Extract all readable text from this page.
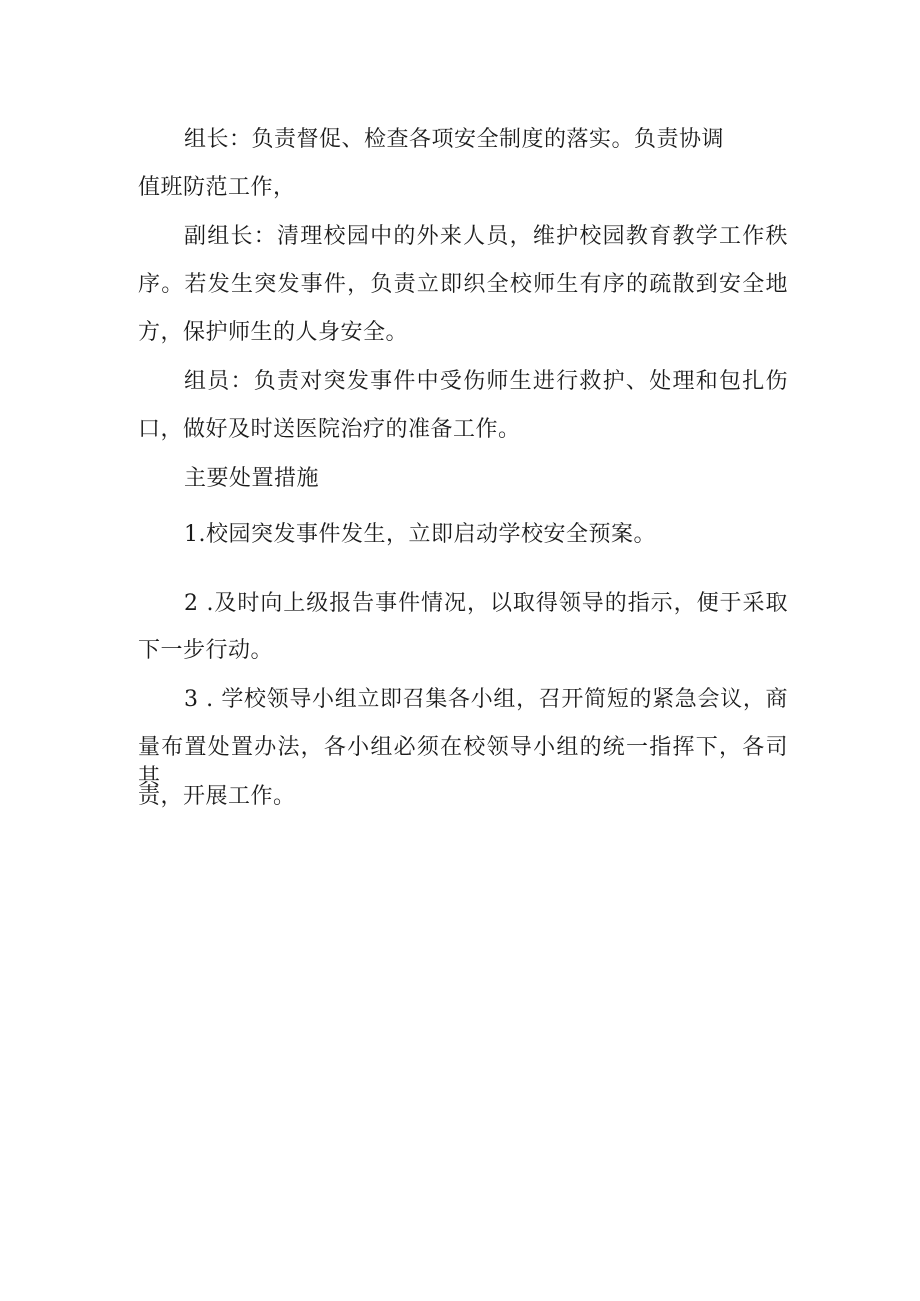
组长：负责督促、检查各项安全制度的落实。负责协调
值班防范工作，
副组长：清理校园中的外来人员，维护校园教育教学工作秩
序。若发生突发事件，负责立即织全校师生有序的疏散到安全地
方，保护师生的人身安全。
组员：负责对突发事件中受伤师生进行救护、处理和包扎伤
口，做好及时送医院治疗的准备工作。
主要处置措施
1.校园突发事件发生，立即启动学校安全预案。
2 .及时向上级报告事件情况，以取得领导的指示，便于采取
下一步行动。
3 . 学校领导小组立即召集各小组，召开简短的紧急会议，商
量布置处置办法，各小组必须在校领导小组的统一指挥下，各司其
责，开展工作。
